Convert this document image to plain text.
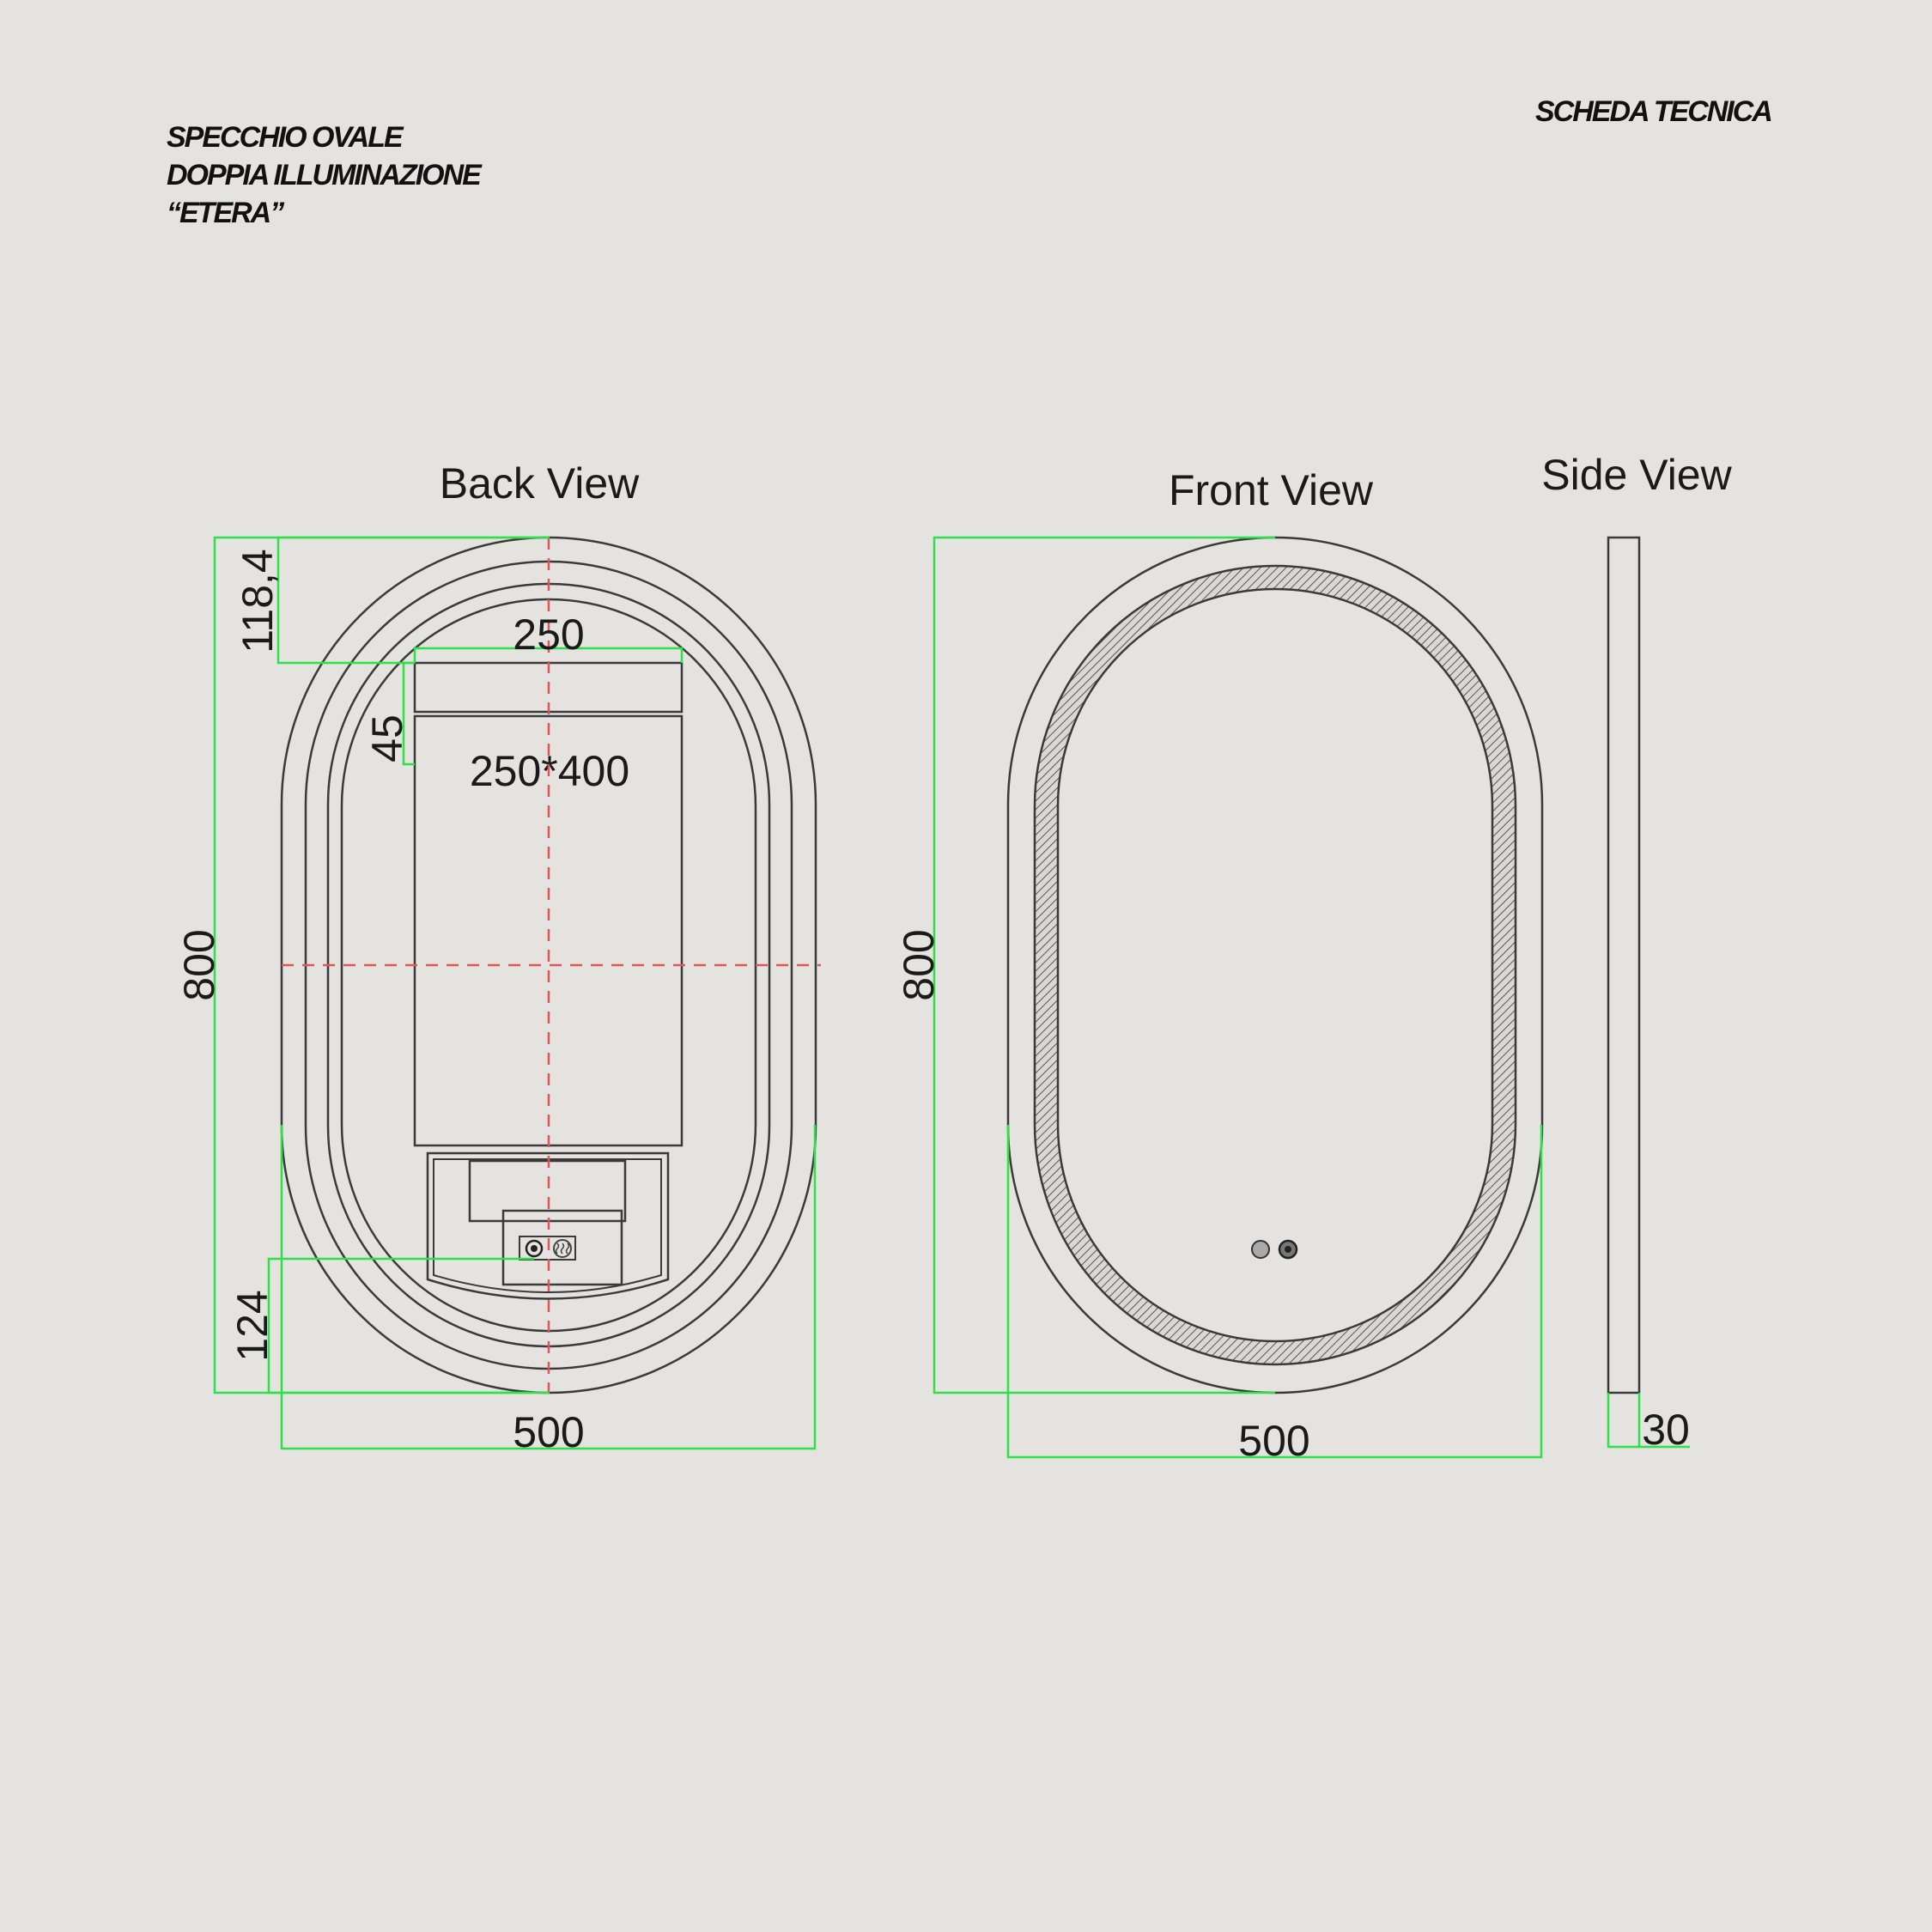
SPECCHIO OVALE
DOPPIA ILLUMINAZIONE
“ETERA”
SCHEDA TECNICA
Back View
250*400
250
118,4
45
800
124
500
Front View
800
500
Side View
30
